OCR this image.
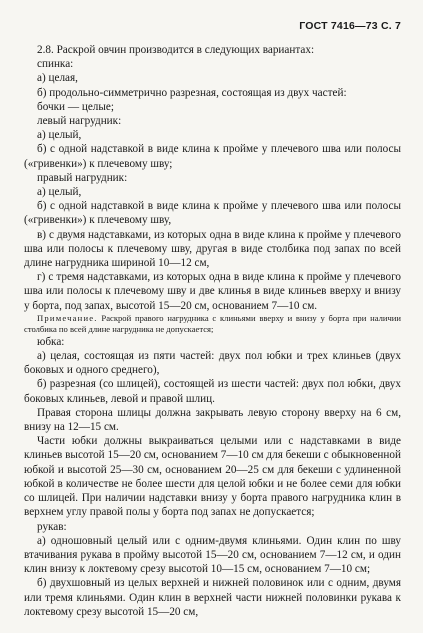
ГОСТ 7416—73 С. 7

2.8. Раскрой овчин производится в следующих вариантах:

спинка:

а) целая,

б) продольно-симметрично разрезная, состоящая из двух частей:

бочки — целые;

левый нагрудник:

а) целый,

б) с одной надставкой в виде клина к пройме у плечевого шва или полосы («гривенки») к плечевому шву;

правый нагрудник:

а) целый,

б) с одной надставкой в виде клина к пройме у плечевого шва или полосы («гривенки») к плечевому шву,

в) с двумя надставками, из которых одна в виде клина к пройме у плечевого шва или полосы к плечевому шву, другая в виде столбика под запах по всей длине нагрудника шириной 10—12 см,

г) с тремя надставками, из которых одна в виде клина к пройме у плечевого шва или полосы к плечевому шву и две клинья в виде клиньев вверху и внизу у борта, под запах, высотой 15—20 см, основанием 7—10 см.

Примечание. Раскрой правого нагрудника с клиньями вверху и внизу у борта при наличии столбика по всей длине нагрудника не допускается;

юбка:

а) целая, состоящая из пяти частей: двух пол юбки и трех клиньев (двух боковых и одного среднего),

б) разрезная (со шлицей), состоящей из шести частей: двух пол юбки, двух боковых клиньев, левой и правой шлиц.

Правая сторона шлицы должна закрывать левую сторону вверху на 6 см, внизу на 12—15 см.

Части юбки должны выкраиваться целыми или с надставками в виде клиньев высотой 15—20 см, основанием 7—10 см для бекеши с обыкновенной юбкой и высотой 25—30 см, основанием 20—25 см для бекеши с удлиненной юбкой в количестве не более шести для целой юбки и не более семи для юбки со шлицей. При наличии надставки внизу у борта правого нагрудника клин в верхнем углу правой полы у борта под запах не допускается;

рукав:

а) одношовный целый или с одним-двумя клиньями. Один клин по шву втачивания рукава в пройму высотой 15—20 см, основанием 7—12 см, и один клин внизу к локтевому срезу высотой 10—15 см, основанием 7—10 см;

б) двухшовный из целых верхней и нижней половинок или с одним, двумя или тремя клиньями. Один клин в верхней части нижней половинки рукава к локтевому срезу высотой 15—20 см,
